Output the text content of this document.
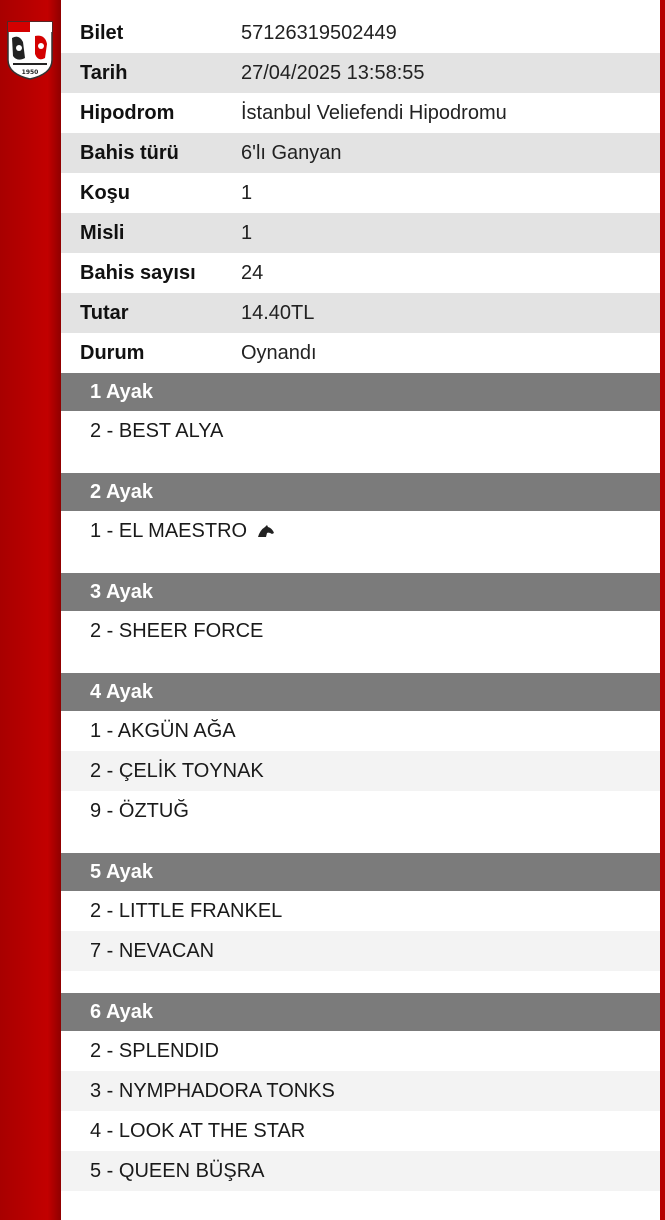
1950
Bilet	57126319502449
Tarih	27/04/2025 13:58:55
Hipodrom	İstanbul Veliefendi Hipodromu
Bahis türü	6'lı Ganyan
Koşu	1
Misli	1
Bahis sayısı	24
Tutar	14.40TL
Durum	Oynandı
1 Ayak
2 - BEST ALYA
2 Ayak
1 - EL MAESTRO
3 Ayak
2 - SHEER FORCE
4 Ayak
1 - AKGÜN AĞA
2 - ÇELİK TOYNAK
9 - ÖZTUĞ
5 Ayak
2 - LITTLE FRANKEL
7 - NEVACAN
6 Ayak
2 - SPLENDID
3 - NYMPHADORA TONKS
4 - LOOK AT THE STAR
5 - QUEEN BÜŞRA
